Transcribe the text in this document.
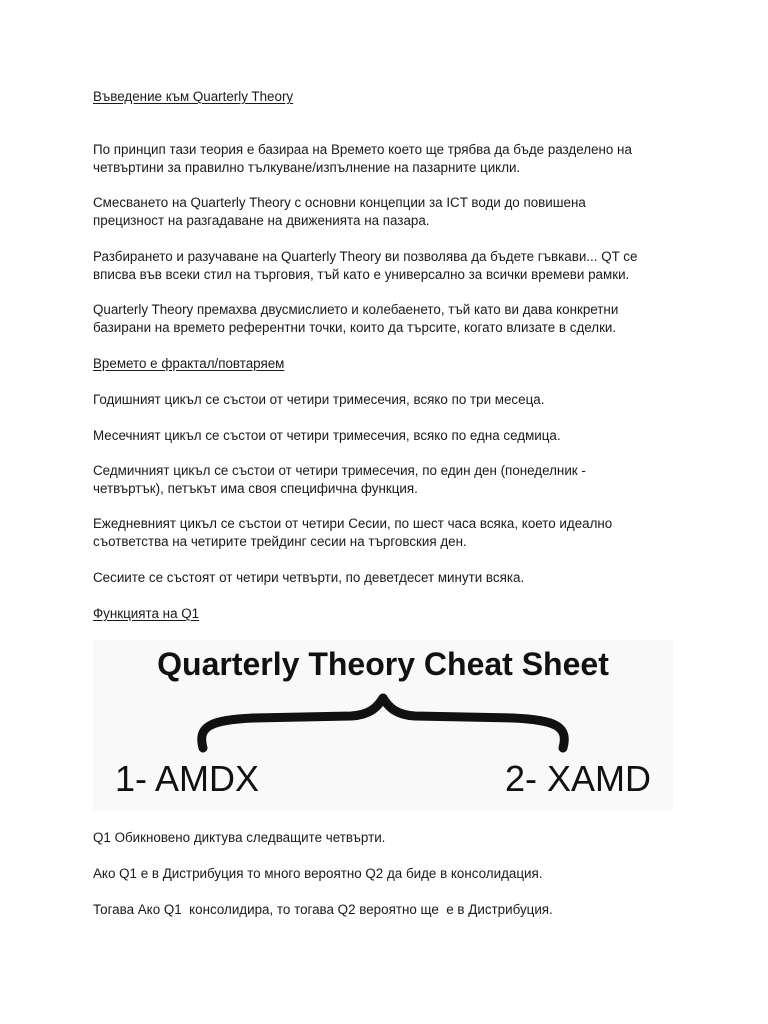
Въведение към Quarterly Theory

По принцип тази теория е базираа на Времето което ще трябва да бъде разделено на

четвъртини за правилно тълкуване/изпълнение на пазарните цикли.

Смесването на Quarterly Theory с основни концепции за ICT води до повишена

прецизност на разгадаване на движенията на пазара.

Разбирането и разучаване на Quarterly Theory ви позволява да бъдете гъвкави... QT се

вписва във всеки стил на търговия, тъй като е универсално за всички времеви рамки.

Quarterly Theory премахва двусмислието и колебаенето, тъй като ви дава конкретни

базирани на времето референтни точки, които да търсите, когато влизате в сделки.

Времето е фрактал/повтаряем

Годишният цикъл се състои от четири тримесечия, всяко по три месеца.

Месечният цикъл се състои от четири тримесечия, всяко по една седмица.

Седмичният цикъл се състои от четири тримесечия, по един ден (понеделник -

четвъртък), петъкът има своя специфична функция.

Ежедневният цикъл се състои от четири Сесии, по шест часа всяка, което идеално

съответства на четирите трейдинг сесии на търговския ден.

Сесиите се състоят от четири четвърти, по деветдесет минути всяка.

Функцията на Q1

Quarterly Theory Cheat Sheet
1- AMDX	2- XAMD

Q1 Обикновено диктува следващите четвърти.

Ако Q1 е в Дистрибуция то много вероятно Q2 да биде в консолидация.

Тогава Ако Q1  консолидира, то тогава Q2 вероятно ще  е в Дистрибуция.
